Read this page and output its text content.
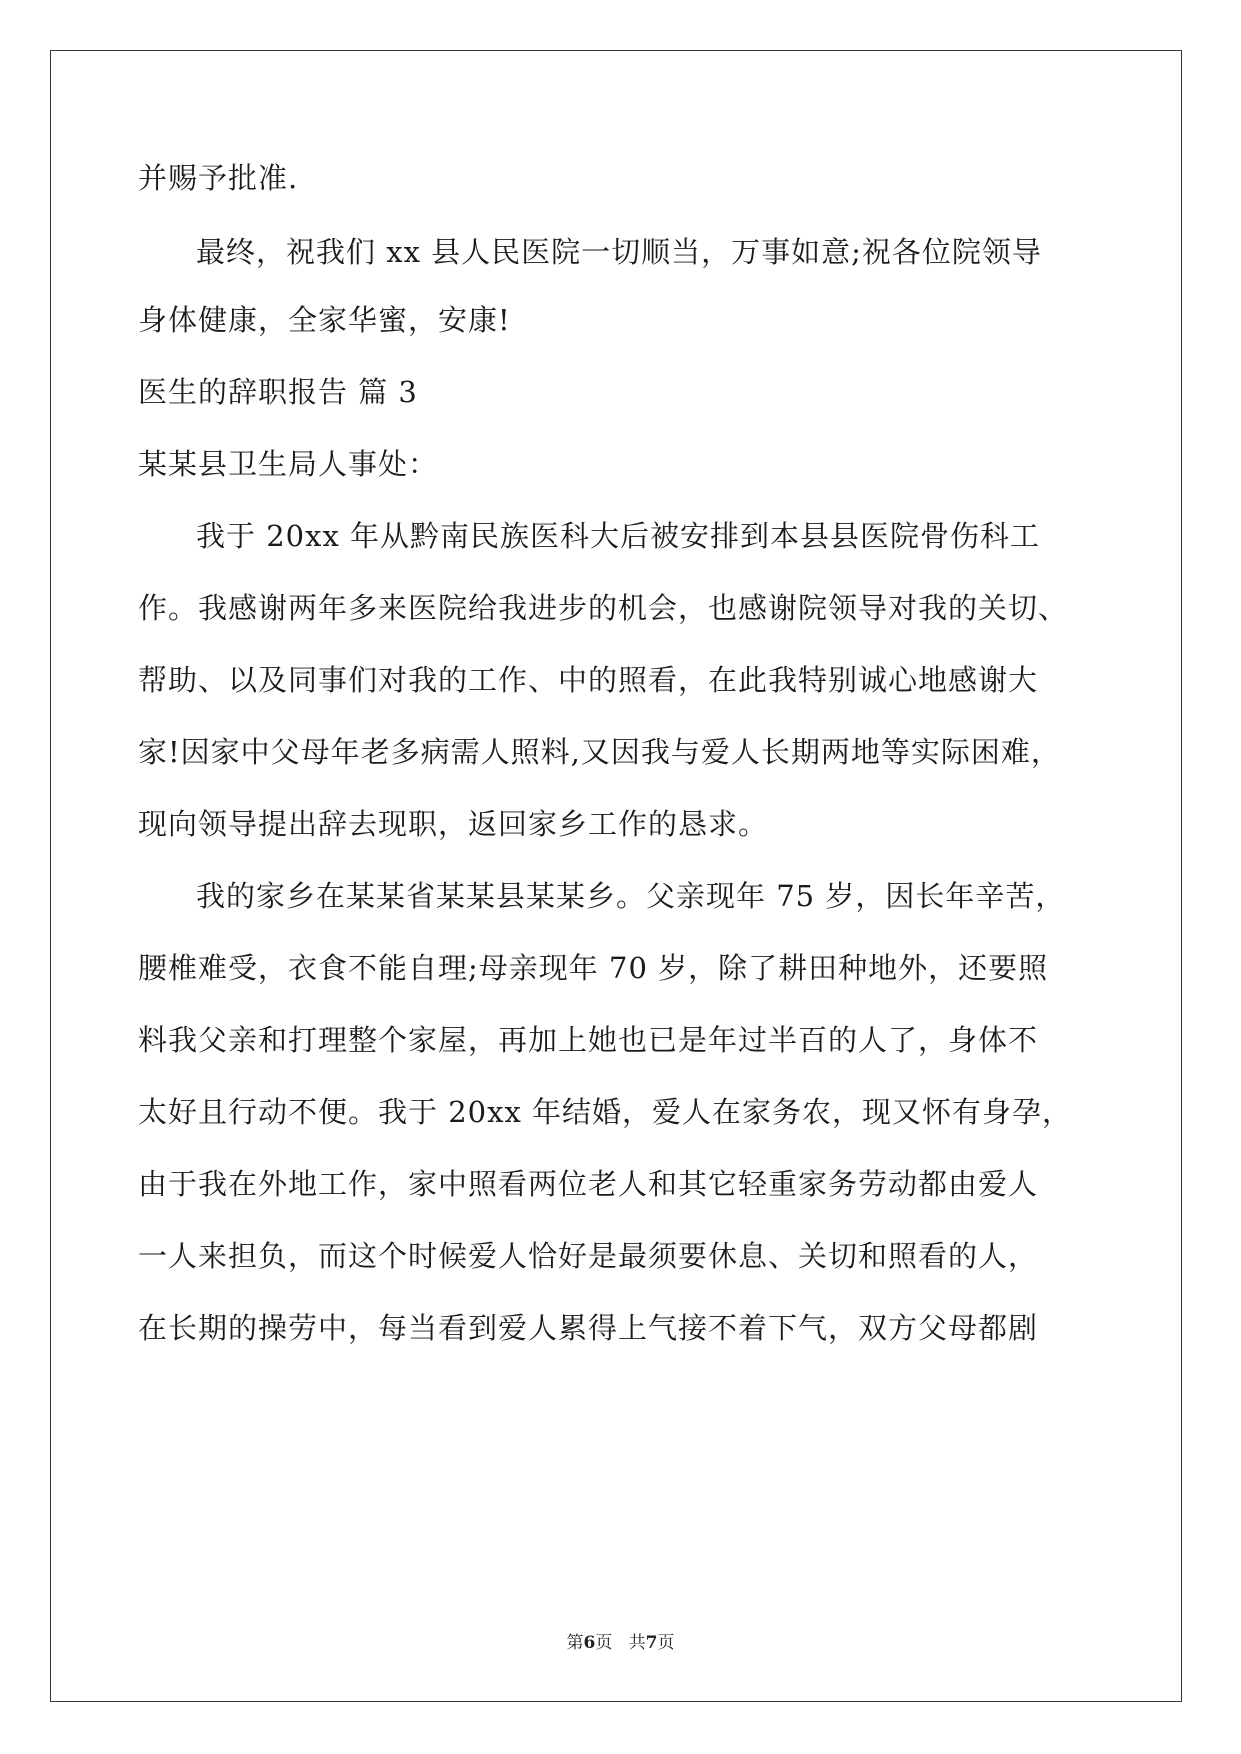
并赐予批准.
最终，祝我们 xx 县人民医院一切顺当，万事如意;祝各位院领导
身体健康，全家华蜜，安康!
医生的辞职报告 篇 3
某某县卫生局人事处：
我于 20xx 年从黔南民族医科大后被安排到本县县医院骨伤科工
作。我感谢两年多来医院给我进步的机会，也感谢院领导对我的关切、
帮助、以及同事们对我的工作、中的照看，在此我特别诚心地感谢大
家!因家中父母年老多病需人照料,又因我与爱人长期两地等实际困难，
现向领导提出辞去现职，返回家乡工作的恳求。
我的家乡在某某省某某县某某乡。父亲现年 75 岁，因长年辛苦，
腰椎难受，衣食不能自理;母亲现年 70 岁，除了耕田种地外，还要照
料我父亲和打理整个家屋，再加上她也已是年过半百的人了，身体不
太好且行动不便。我于 20xx 年结婚，爱人在家务农，现又怀有身孕，
由于我在外地工作，家中照看两位老人和其它轻重家务劳动都由爱人
一人来担负，而这个时候爱人恰好是最须要休息、关切和照看的人，
在长期的操劳中，每当看到爱人累得上气接不着下气，双方父母都剧
第6页 共7页
